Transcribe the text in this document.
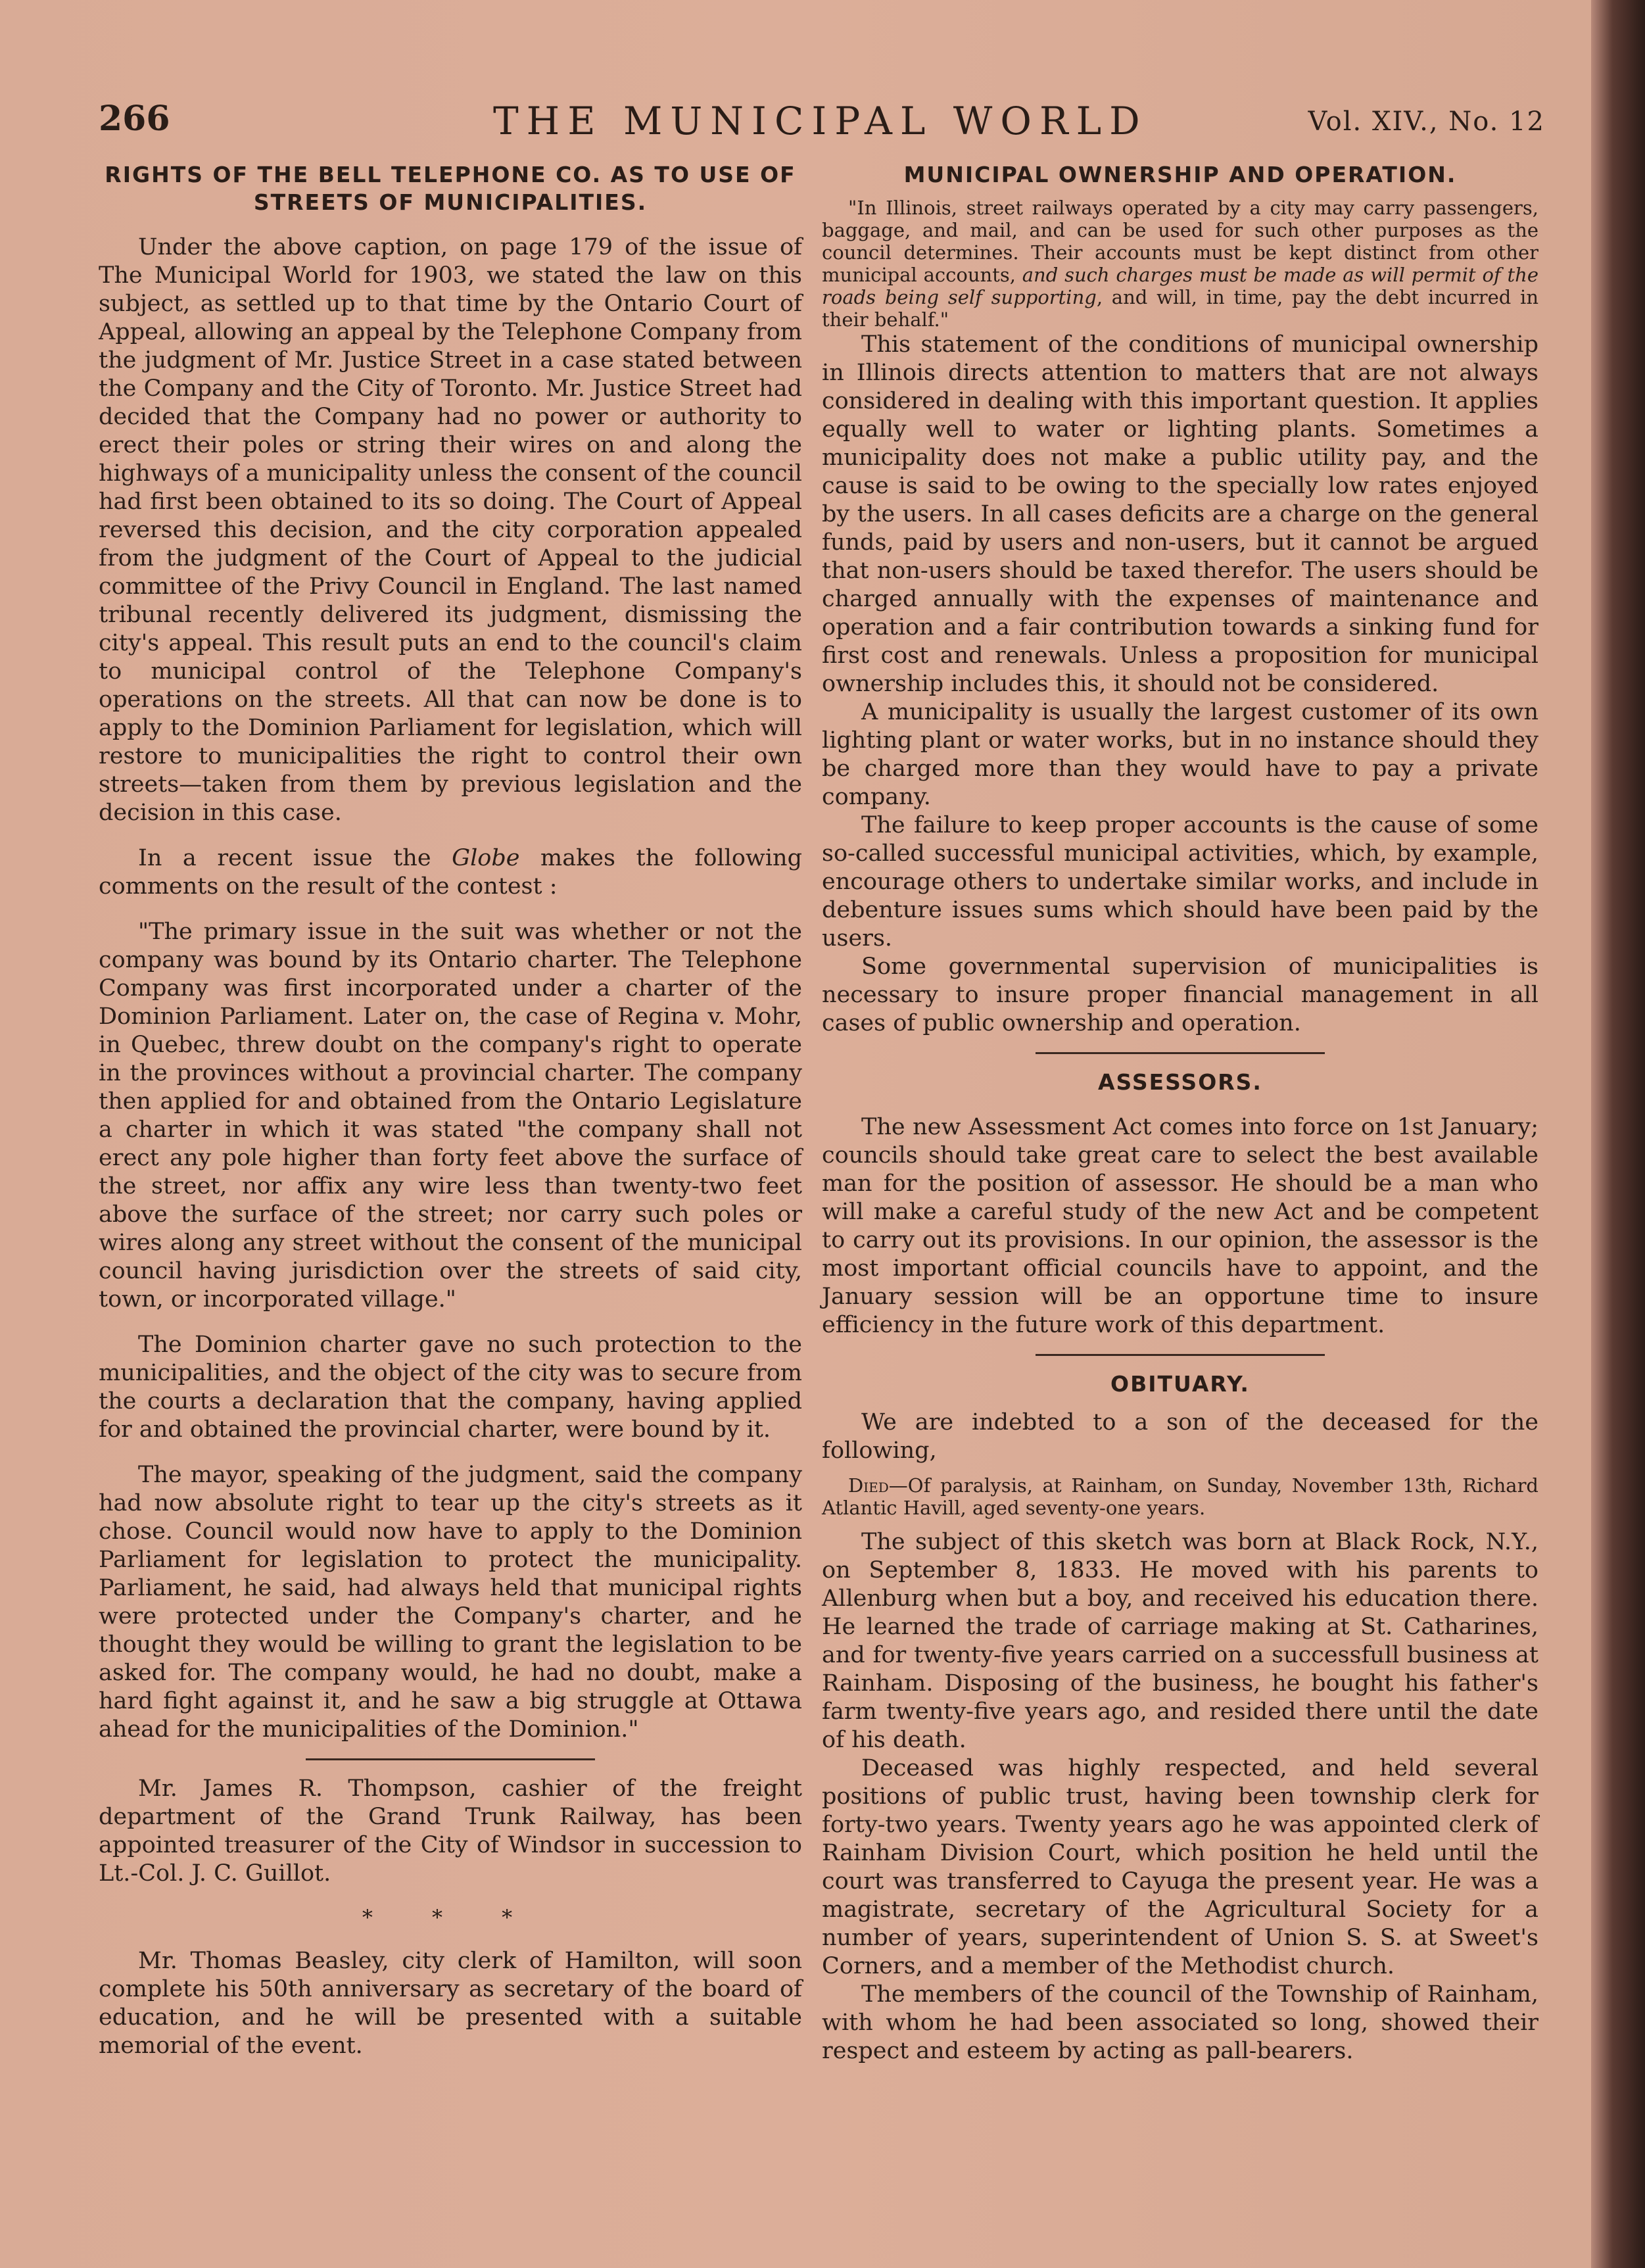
266	THE MUNICIPAL WORLD	Vol. XIV., No. 12
RIGHTS OF THE BELL TELEPHONE CO. AS TO USE OF STREETS OF MUNICIPALITIES.

Under the above caption, on page 179 of the issue of The Municipal World for 1903, we stated the law on this subject, as settled up to that time by the Ontario Court of Appeal, allowing an appeal by the Telephone Company from the judgment of Mr. Justice Street in a case stated between the Company and the City of Toronto. Mr. Justice Street had decided that the Company had no power or authority to erect their poles or string their wires on and along the highways of a municipality unless the consent of the council had first been obtained to its so doing. The Court of Appeal reversed this decision, and the city corporation appealed from the judgment of the Court of Appeal to the judicial committee of the Privy Council in England. The last named tribunal recently delivered its judgment, dismissing the city's appeal. This result puts an end to the council's claim to municipal control of the Telephone Company's operations on the streets. All that can now be done is to apply to the Dominion Parliament for legislation, which will restore to municipalities the right to control their own streets—taken from them by previous legislation and the decision in this case.

In a recent issue the Globe makes the following comments on the result of the contest :

"The primary issue in the suit was whether or not the company was bound by its Ontario charter. The Telephone Company was first incorporated under a charter of the Dominion Parliament. Later on, the case of Regina v. Mohr, in Quebec, threw doubt on the company's right to operate in the provinces without a provincial charter. The company then applied for and obtained from the Ontario Legislature a charter in which it was stated "the company shall not erect any pole higher than forty feet above the surface of the street, nor affix any wire less than twenty-two feet above the surface of the street; nor carry such poles or wires along any street without the consent of the municipal council having jurisdiction over the streets of said city, town, or incorporated village."

The Dominion charter gave no such protection to the municipalities, and the object of the city was to secure from the courts a declaration that the company, having applied for and obtained the provincial charter, were bound by it.

The mayor, speaking of the judgment, said the company had now absolute right to tear up the city's streets as it chose. Council would now have to apply to the Dominion Parliament for legislation to protect the municipality. Parliament, he said, had always held that municipal rights were protected under the Company's charter, and he thought they would be willing to grant the legislation to be asked for. The company would, he had no doubt, make a hard fight against it, and he saw a big struggle at Ottawa ahead for the municipalities of the Dominion."

Mr. James R. Thompson, cashier of the freight department of the Grand Trunk Railway, has been appointed treasurer of the City of Windsor in succession to Lt.-Col. J. C. Guillot.

* * *

Mr. Thomas Beasley, city clerk of Hamilton, will soon complete his 50th anniversary as secretary of the board of education, and he will be presented with a suitable memorial of the event.

MUNICIPAL OWNERSHIP AND OPERATION.

"In Illinois, street railways operated by a city may carry passengers, baggage, and mail, and can be used for such other purposes as the council determines. Their accounts must be kept distinct from other municipal accounts, and such charges must be made as will permit of the roads being self supporting, and will, in time, pay the debt incurred in their behalf."

This statement of the conditions of municipal ownership in Illinois directs attention to matters that are not always considered in dealing with this important question. It applies equally well to water or lighting plants. Sometimes a municipality does not make a public utility pay, and the cause is said to be owing to the specially low rates enjoyed by the users. In all cases deficits are a charge on the general funds, paid by users and non-users, but it cannot be argued that non-users should be taxed therefor. The users should be charged annually with the expenses of maintenance and operation and a fair contribution towards a sinking fund for first cost and renewals. Unless a proposition for municipal ownership includes this, it should not be considered.

A municipality is usually the largest customer of its own lighting plant or water works, but in no instance should they be charged more than they would have to pay a private company.

The failure to keep proper accounts is the cause of some so-called successful municipal activities, which, by example, encourage others to undertake similar works, and include in debenture issues sums which should have been paid by the users.

Some governmental supervision of municipalities is necessary to insure proper financial management in all cases of public ownership and operation.

ASSESSORS.

The new Assessment Act comes into force on 1st January; councils should take great care to select the best available man for the position of assessor. He should be a man who will make a careful study of the new Act and be competent to carry out its provisions. In our opinion, the assessor is the most important official councils have to appoint, and the January session will be an opportune time to insure efficiency in the future work of this department.

OBITUARY.

We are indebted to a son of the deceased for the following,

Died—Of paralysis, at Rainham, on Sunday, November 13th, Richard Atlantic Havill, aged seventy-one years.

The subject of this sketch was born at Black Rock, N.Y., on September 8, 1833. He moved with his parents to Allenburg when but a boy, and received his education there. He learned the trade of carriage making at St. Catharines, and for twenty-five years carried on a successfull business at Rainham. Disposing of the business, he bought his father's farm twenty-five years ago, and resided there until the date of his death.

Deceased was highly respected, and held several positions of public trust, having been township clerk for forty-two years. Twenty years ago he was appointed clerk of Rainham Division Court, which position he held until the court was transferred to Cayuga the present year. He was a magistrate, secretary of the Agricultural Society for a number of years, superintendent of Union S. S. at Sweet's Corners, and a member of the Methodist church.

The members of the council of the Township of Rainham, with whom he had been associated so long, showed their respect and esteem by acting as pall-bearers.
